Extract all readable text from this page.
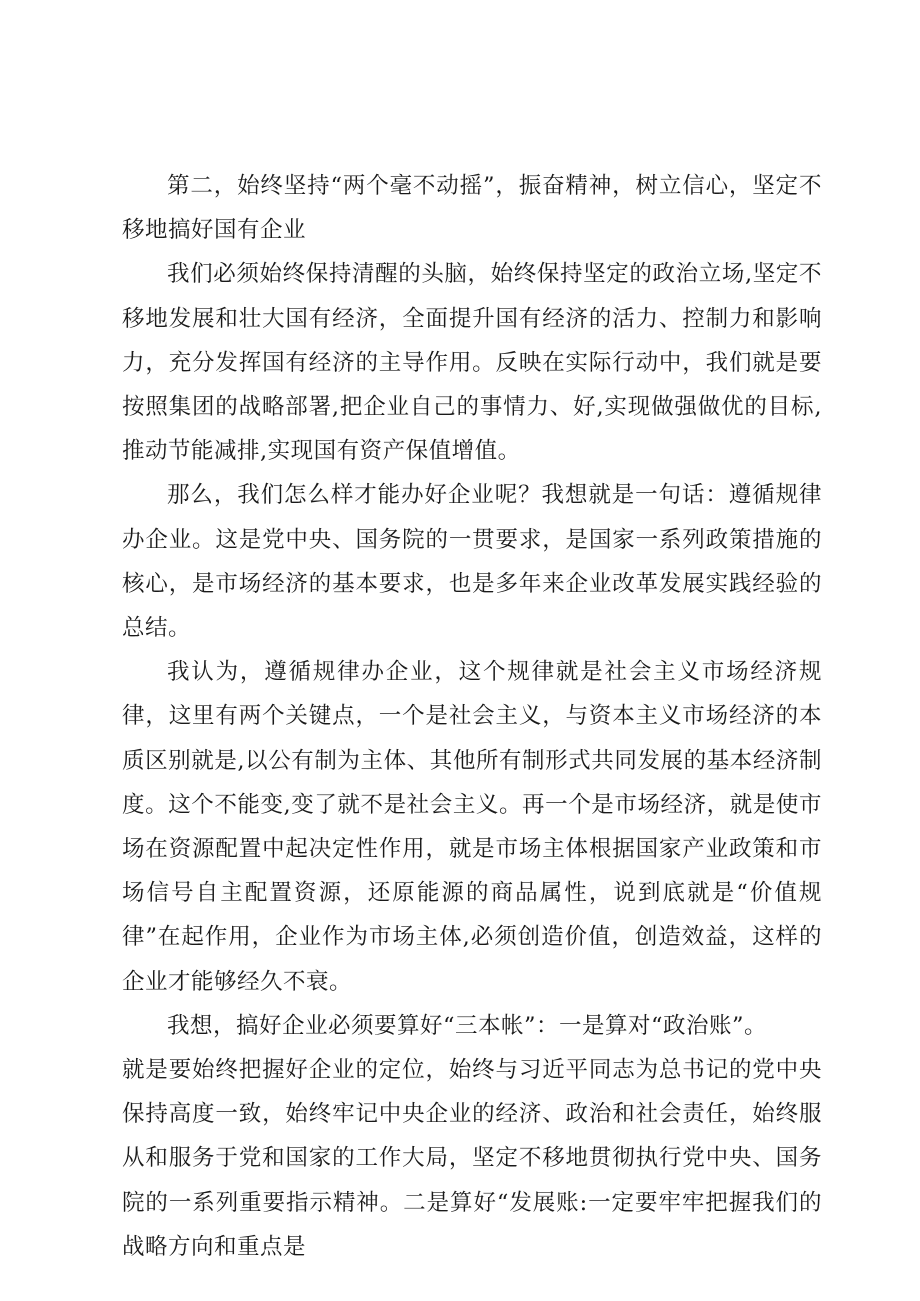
第二，始终坚持“两个毫不动摇”，振奋精神，树立信心，坚定不移地搞好国有企业

我们必须始终保持清醒的头脑，始终保持坚定的政治立场,坚定不移地发展和壮大国有经济，全面提升国有经济的活力、控制力和影响力，充分发挥国有经济的主导作用。反映在实际行动中，我们就是要按照集团的战略部署,把企业自己的事情力、好,实现做强做优的目标,推动节能减排,实现国有资产保值增值。

那么，我们怎么样才能办好企业呢？我想就是一句话：遵循规律办企业。这是党中央、国务院的一贯要求，是国家一系列政策措施的核心，是市场经济的基本要求，也是多年来企业改革发展实践经验的总结。

我认为，遵循规律办企业，这个规律就是社会主义市场经济规律，这里有两个关键点，一个是社会主义，与资本主义市场经济的本质区别就是,以公有制为主体、其他所有制形式共同发展的基本经济制度。这个不能变,变了就不是社会主义。再一个是市场经济，就是使市场在资源配置中起决定性作用，就是市场主体根据国家产业政策和市场信号自主配置资源，还原能源的商品属性，说到底就是“价值规律”在起作用，企业作为市场主体,必须创造价值，创造效益，这样的企业才能够经久不衰。

我想，搞好企业必须要算好“三本帐”：一是算对“政治账”。

就是要始终把握好企业的定位，始终与习近平同志为总书记的党中央保持高度一致，始终牢记中央企业的经济、政治和社会责任，始终服从和服务于党和国家的工作大局，坚定不移地贯彻执行党中央、国务院的一系列重要指示精神。二是算好“发展账:一定要牢牢把握我们的战略方向和重点是
